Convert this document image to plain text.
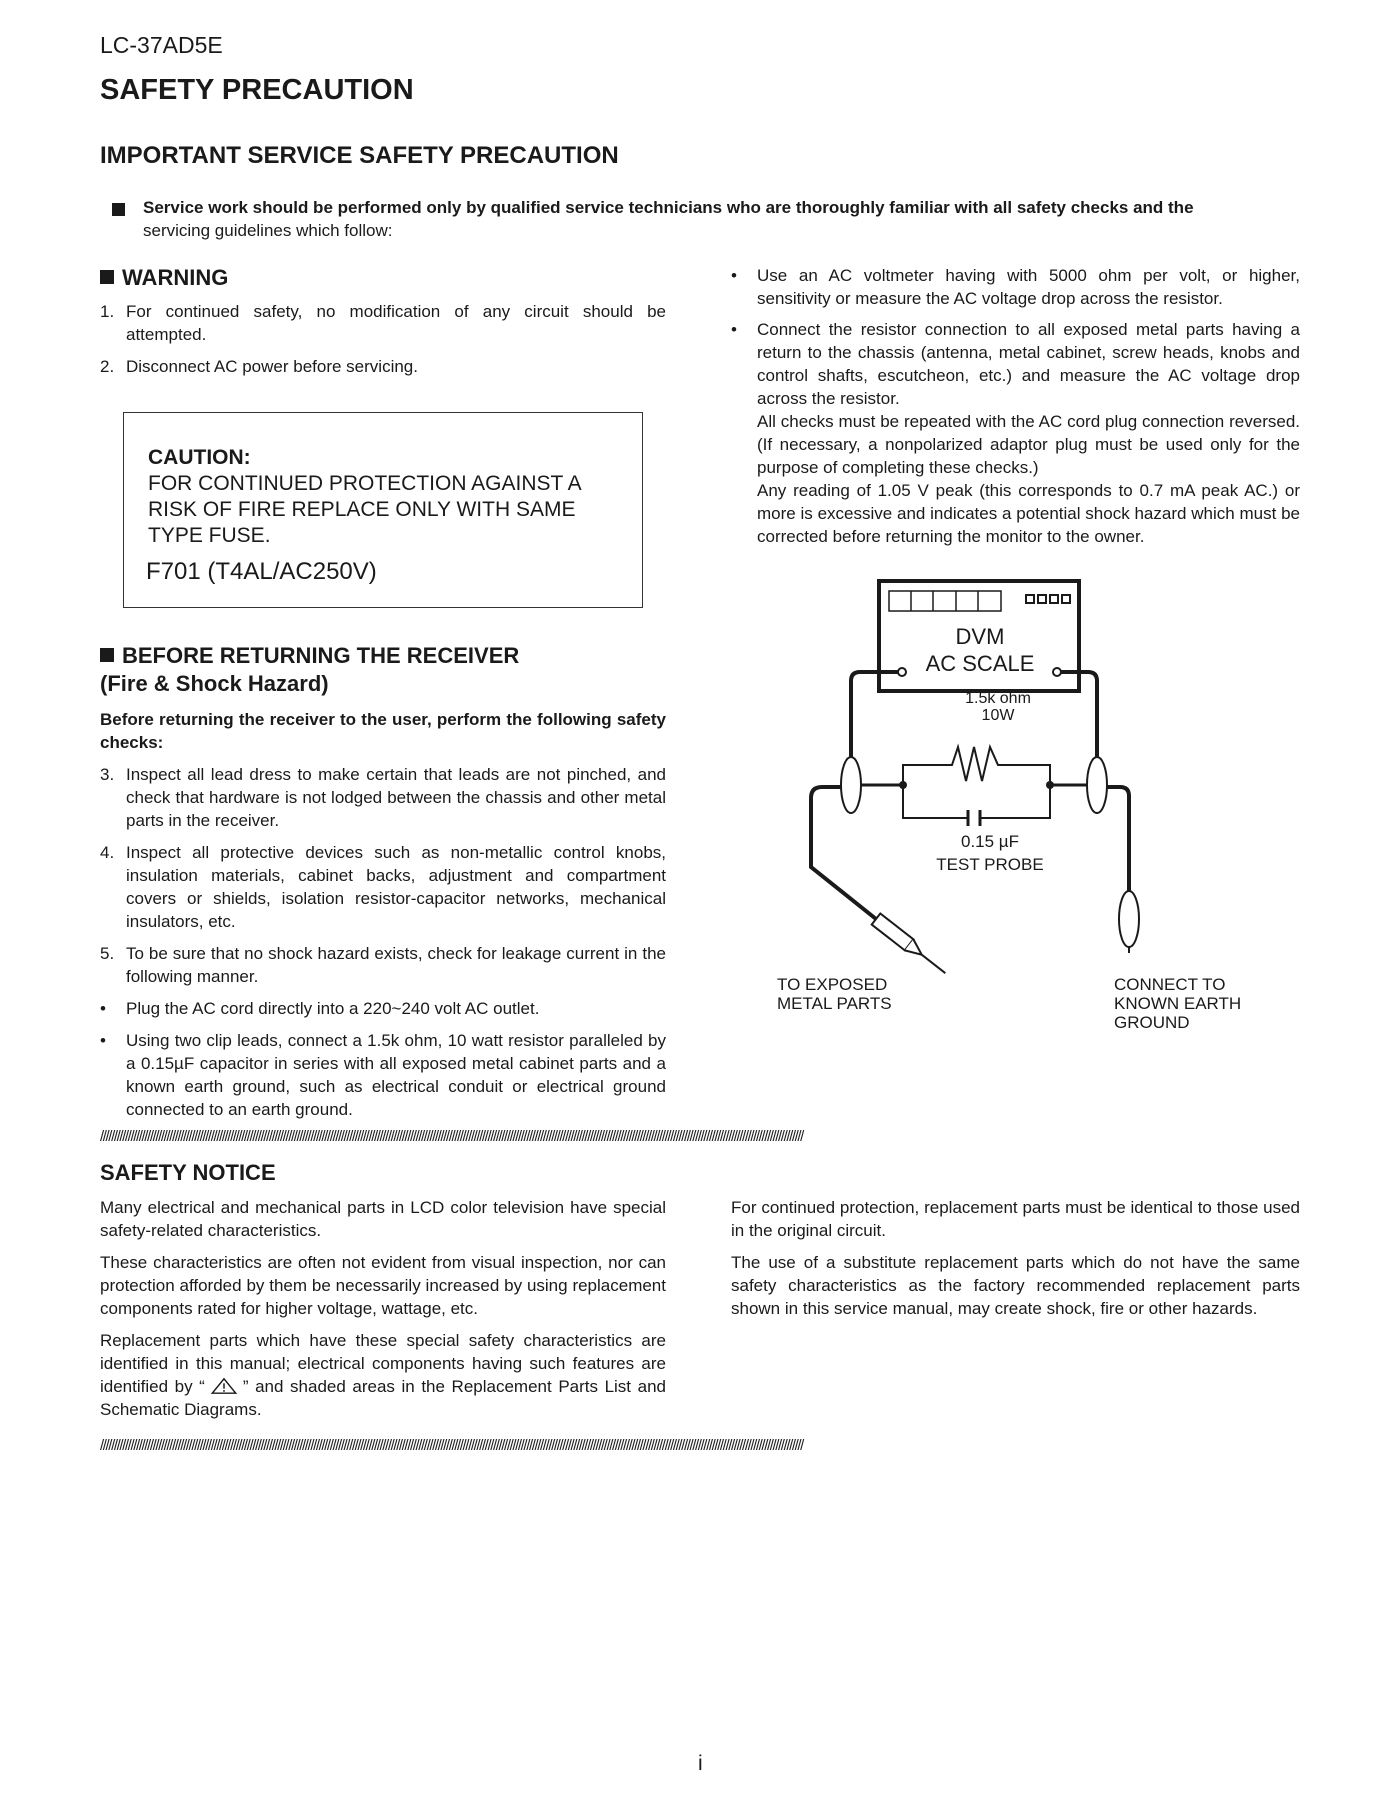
LC-37AD5E
SAFETY PRECAUTION
IMPORTANT SERVICE SAFETY PRECAUTION
Service work should be performed only by qualified service technicians who are thoroughly familiar with all safety checks and the
servicing guidelines which follow:
WARNING
1. For continued safety, no modification of any circuit should be attempted.
2. Disconnect AC power before servicing.
CAUTION:
FOR CONTINUED PROTECTION AGAINST A RISK OF FIRE REPLACE ONLY WITH SAME TYPE FUSE.
F701 (T4AL/AC250V)
BEFORE RETURNING THE RECEIVER
(Fire & Shock Hazard)
Before returning the receiver to the user, perform the following safety checks:
3. Inspect all lead dress to make certain that leads are not pinched, and check that hardware is not lodged between the chassis and other metal parts in the receiver.
4. Inspect all protective devices such as non-metallic control knobs, insulation materials, cabinet backs, adjustment and compartment covers or shields, isolation resistor-capacitor networks, mechanical insulators, etc.
5. To be sure that no shock hazard exists, check for leakage current in the following manner.
• Plug the AC cord directly into a 220~240 volt AC outlet.
• Using two clip leads, connect a 1.5k ohm, 10 watt resistor paralleled by a 0.15µF capacitor in series with all exposed metal cabinet parts and a known earth ground, such as electrical conduit or electrical ground connected to an earth ground.
• Use an AC voltmeter having with 5000 ohm per volt, or higher, sensitivity or measure the AC voltage drop across the resistor.
• Connect the resistor connection to all exposed metal parts having a return to the chassis (antenna, metal cabinet, screw heads, knobs and control shafts, escutcheon, etc.) and measure the AC voltage drop across the resistor.
All checks must be repeated with the AC cord plug connection reversed. (If necessary, a nonpolarized adaptor plug must be used only for the purpose of completing these checks.)
Any reading of 1.05 V peak (this corresponds to 0.7 mA peak AC.) or more is excessive and indicates a potential shock hazard which must be corrected before returning the monitor to the owner.
DVM
AC SCALE
1.5k ohm
10W
0.15 µF
TEST PROBE
TO EXPOSED
METAL PARTS
CONNECT TO
KNOWN EARTH
GROUND
//////////////////////////////////////////////////////////////////////////////////////////////////////////////////////////////////////////////////////////////////////////////////////////////////////////////////////////////////////////////////////////////
SAFETY NOTICE

Many electrical and mechanical parts in LCD color television have special safety-related characteristics.

These characteristics are often not evident from visual inspection, nor can protection afforded by them be necessarily increased by using replacement components rated for higher voltage, wattage, etc.

Replacement parts which have these special safety characteristics are identified in this manual; electrical components having such features are identified by “ ” and shaded areas in the Replacement Parts List and Schematic Diagrams.

For continued protection, replacement parts must be identical to those used in the original circuit.

The use of a substitute replacement parts which do not have the same safety characteristics as the factory recommended replacement parts shown in this service manual, may create shock, fire or other hazards.

//////////////////////////////////////////////////////////////////////////////////////////////////////////////////////////////////////////////////////////////////////////////////////////////////////////////////////////////////////////////////////////////
i
